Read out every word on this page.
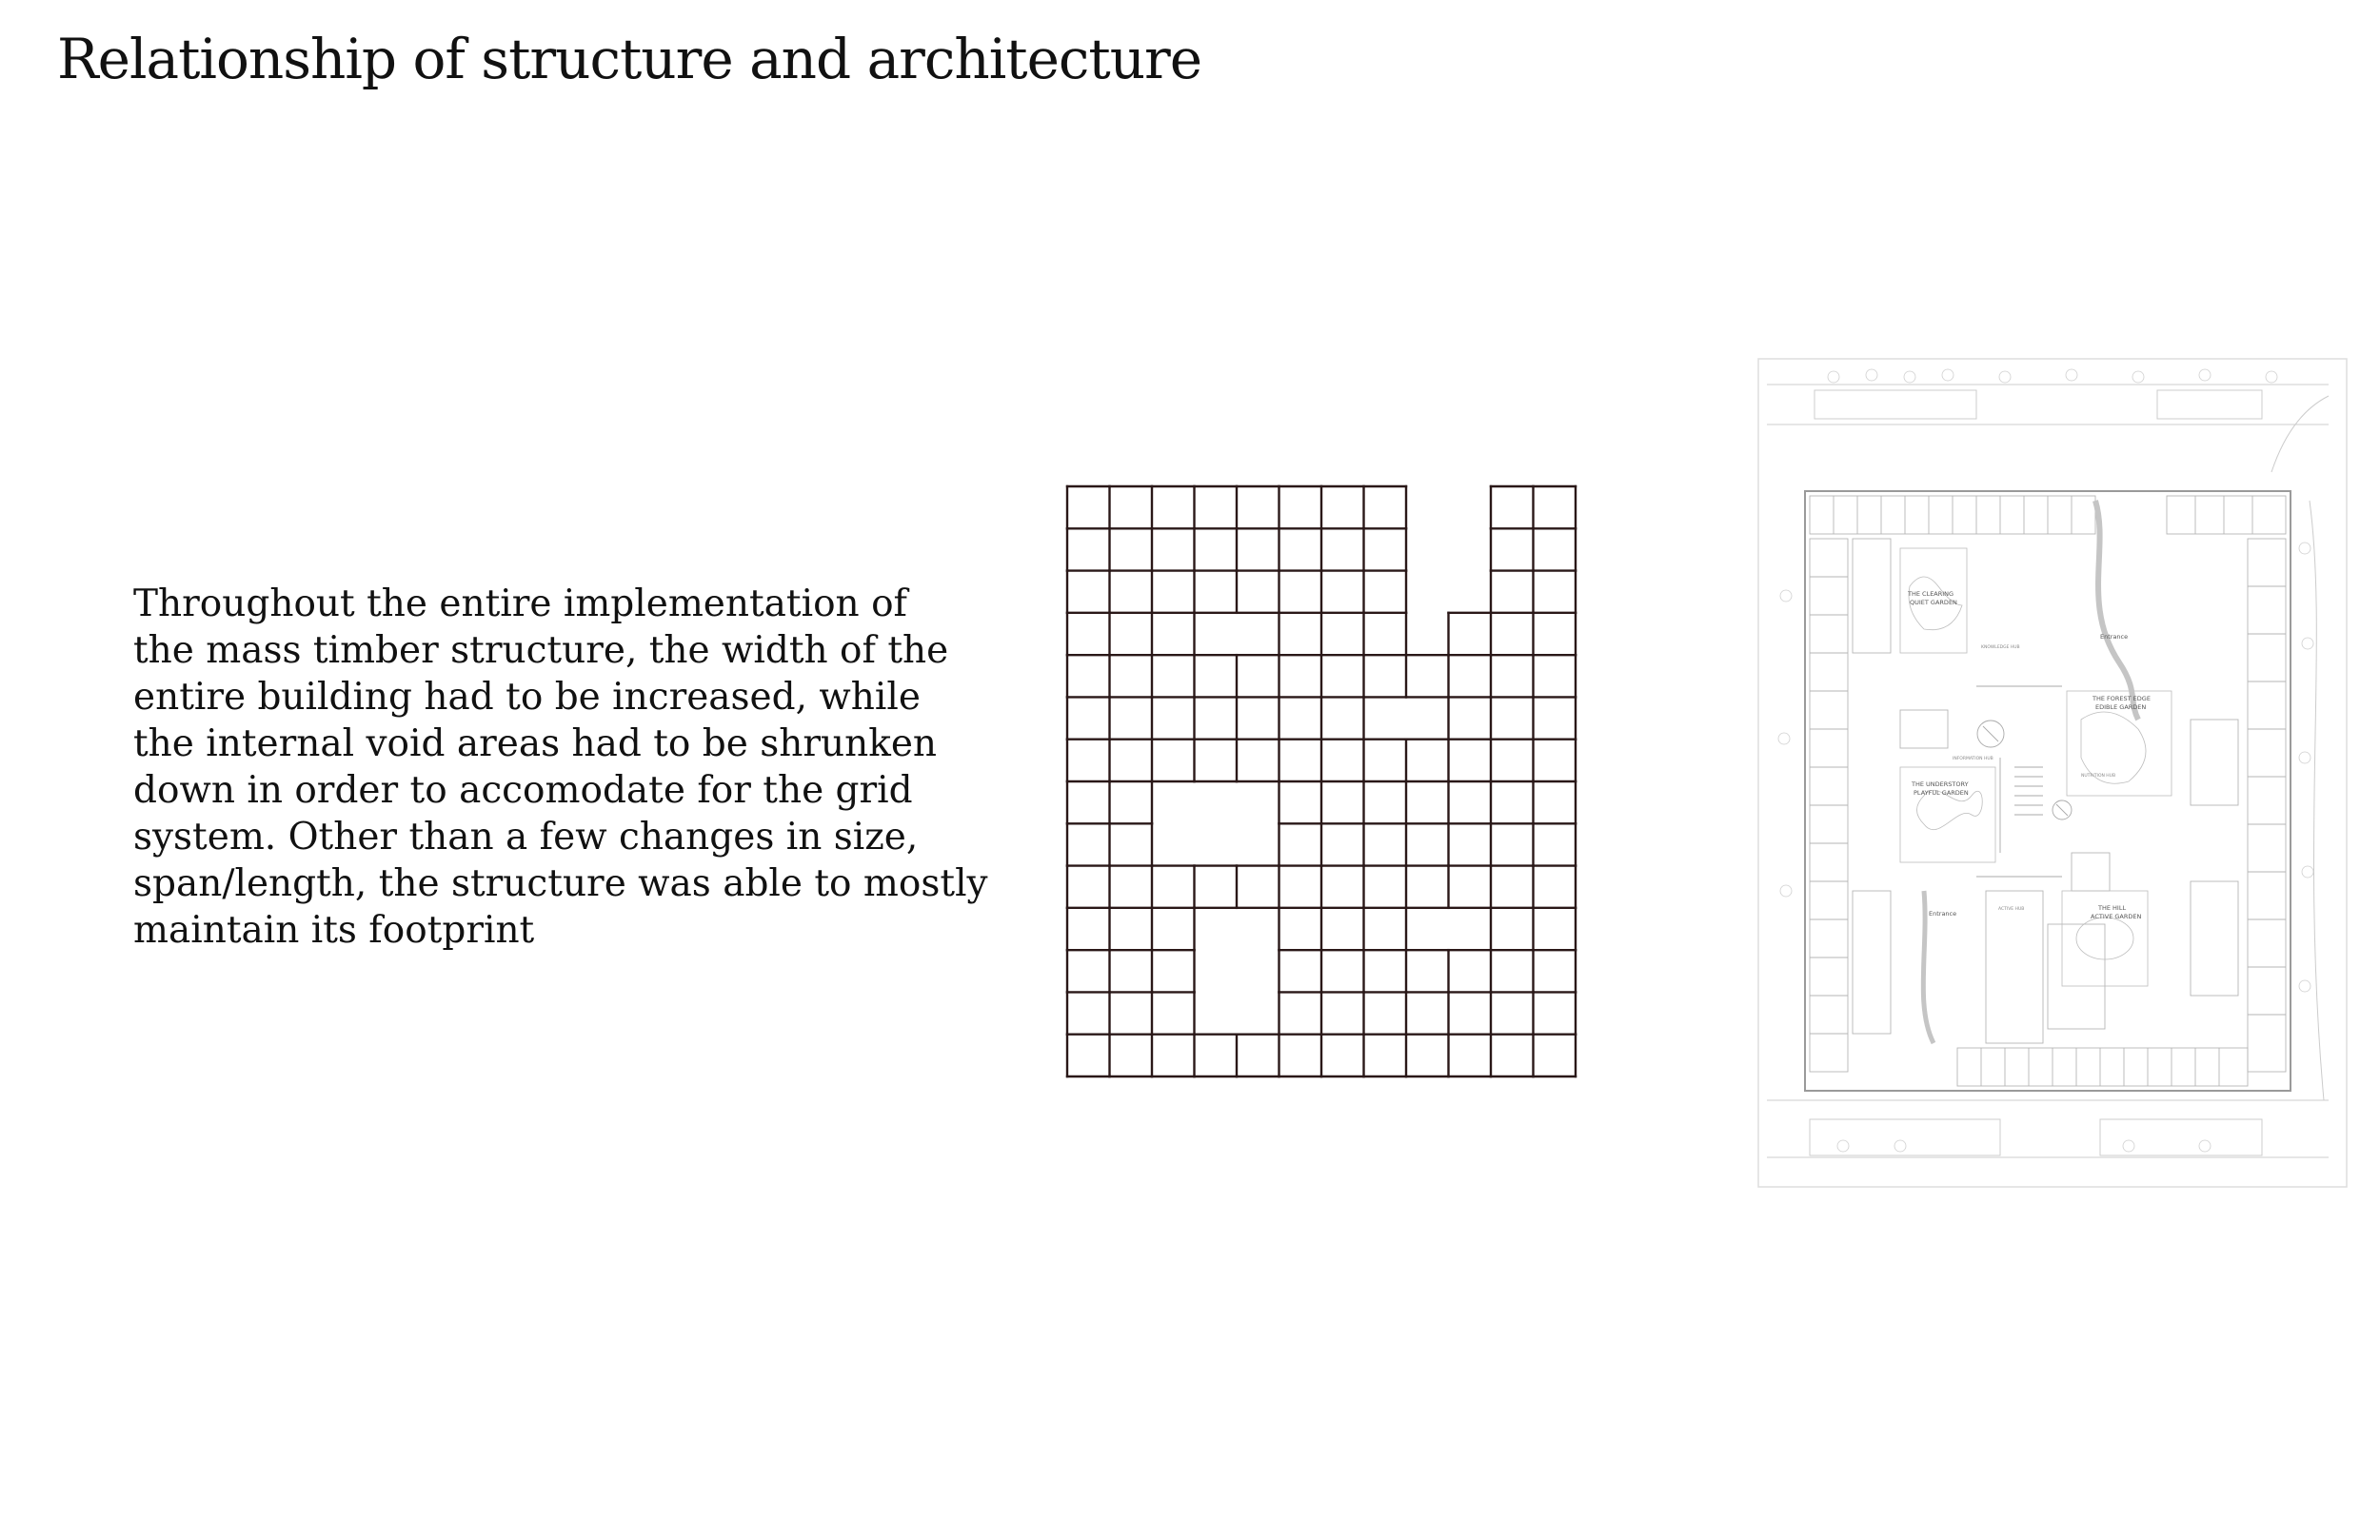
Relationship of structure and architecture
Throughout the entire implementation of
the mass timber structure, the width of the
entire building had to be increased, while
the internal void areas had to be shrunken
down in order to accomodate for the grid
system. Other than a few changes in size,
span/length, the structure was able to mostly
maintain its footprint
THE CLEARING
QUIET GARDEN
THE FOREST EDGE
EDIBLE GARDEN
THE UNDERSTORY
PLAYFUL GARDEN
THE HILL
ACTIVE GARDEN
Entrance
Entrance
KNOWLEDGE HUB
INFORMATION HUB
NUTRITION HUB
ACTIVE HUB
